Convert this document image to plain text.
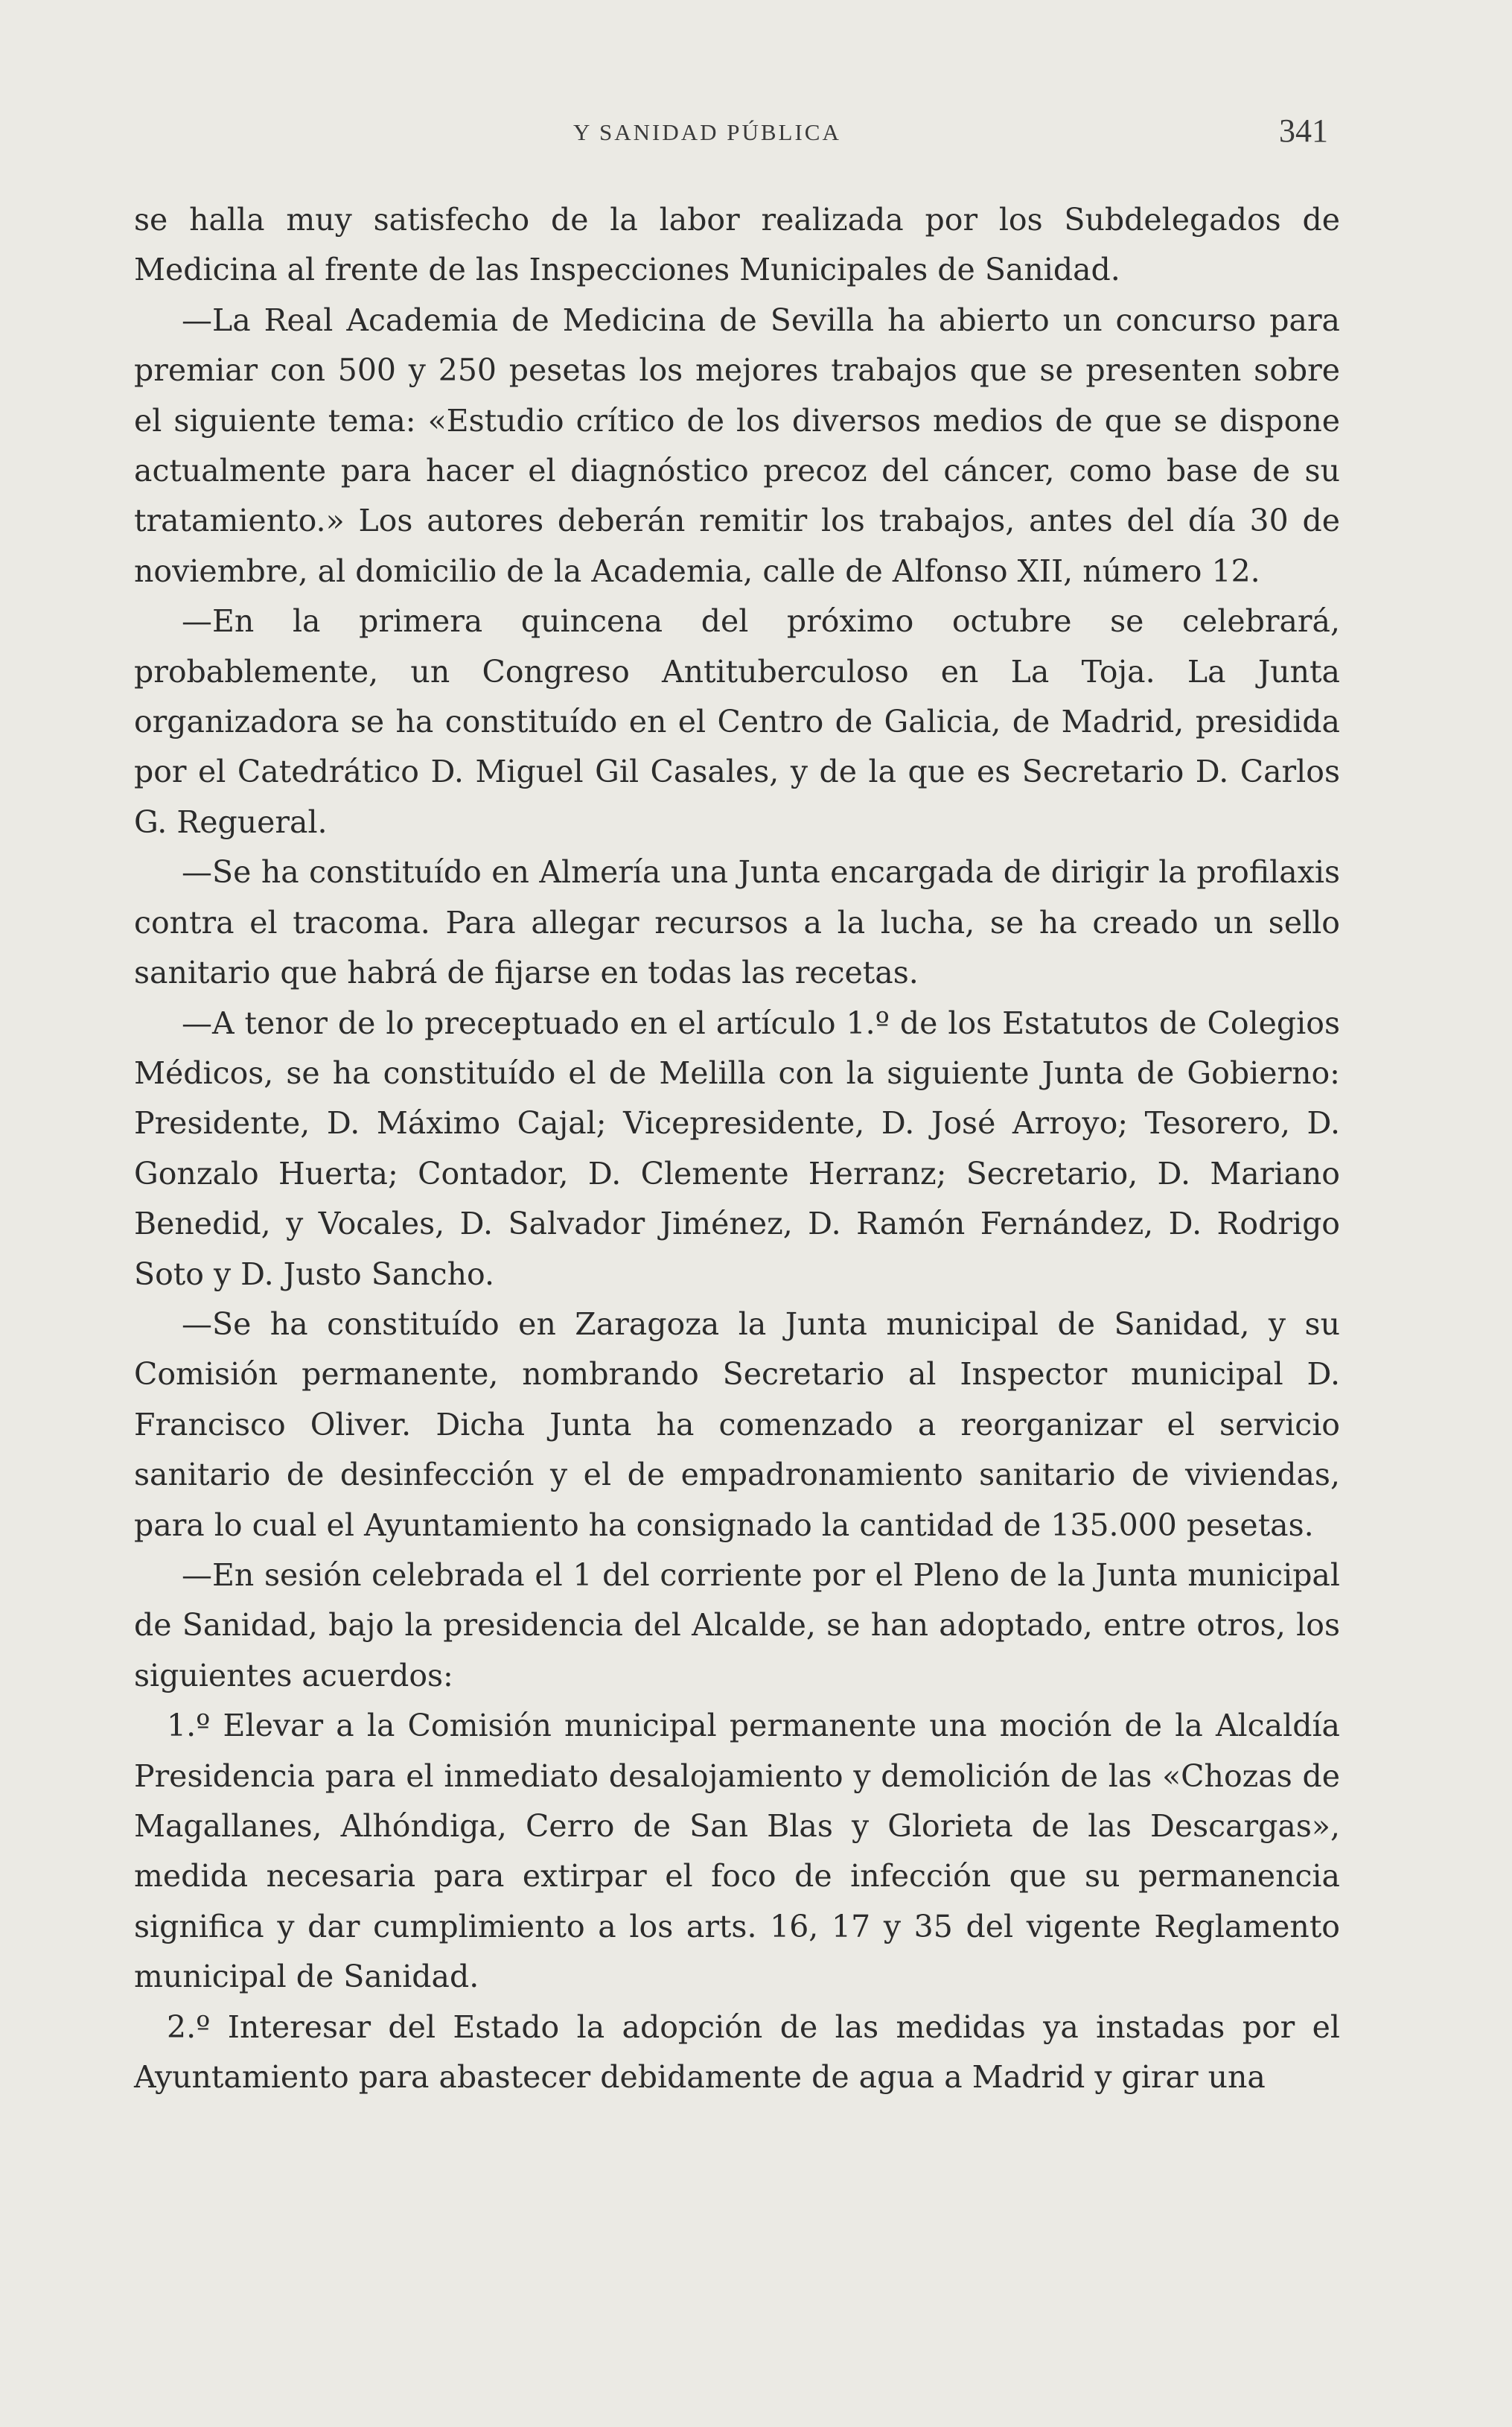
Y SANIDAD PÚBLICA	341

se halla muy satisfecho de la labor realizada por los Subdelegados de Medicina al frente de las Inspecciones Municipales de Sanidad.

—La Real Academia de Medicina de Sevilla ha abierto un concurso para premiar con 500 y 250 pesetas los mejores trabajos que se presenten sobre el siguiente tema: «Estudio crítico de los diversos medios de que se dispone actualmente para hacer el diagnóstico precoz del cáncer, como base de su tratamiento.» Los autores deberán remitir los trabajos, antes del día 30 de noviembre, al domicilio de la Academia, calle de Alfonso XII, número 12.

—En la primera quincena del próximo octubre se celebrará, probablemente, un Congreso Antituberculoso en La Toja. La Junta organizadora se ha constituído en el Centro de Galicia, de Madrid, presidida por el Catedrático D. Miguel Gil Casales, y de la que es Secretario D. Carlos G. Regueral.

—Se ha constituído en Almería una Junta encargada de dirigir la profilaxis contra el tracoma. Para allegar recursos a la lucha, se ha creado un sello sanitario que habrá de fijarse en todas las recetas.

—A tenor de lo preceptuado en el artículo 1.º de los Estatutos de Colegios Médicos, se ha constituído el de Melilla con la siguiente Junta de Gobierno: Presidente, D. Máximo Cajal; Vicepresidente, D. José Arroyo; Tesorero, D. Gonzalo Huerta; Contador, D. Clemente Herranz; Secretario, D. Mariano Benedid, y Vocales, D. Salvador Jiménez, D. Ramón Fernández, D. Rodrigo Soto y D. Justo Sancho.

—Se ha constituído en Zaragoza la Junta municipal de Sanidad, y su Comisión permanente, nombrando Secretario al Inspector municipal D. Francisco Oliver. Dicha Junta ha comenzado a reorganizar el servicio sanitario de desinfección y el de empadronamiento sanitario de viviendas, para lo cual el Ayuntamiento ha consignado la cantidad de 135.000 pesetas.

—En sesión celebrada el 1 del corriente por el Pleno de la Junta municipal de Sanidad, bajo la presidencia del Alcalde, se han adoptado, entre otros, los siguientes acuerdos:

1.º Elevar a la Comisión municipal permanente una moción de la Alcaldía Presidencia para el inmediato desalojamiento y demolición de las «Chozas de Magallanes, Alhóndiga, Cerro de San Blas y Glorieta de las Descargas», medida necesaria para extirpar el foco de infección que su permanencia significa y dar cumplimiento a los arts. 16, 17 y 35 del vigente Reglamento municipal de Sanidad.

2.º Interesar del Estado la adopción de las medidas ya instadas por el Ayuntamiento para abastecer debidamente de agua a Madrid y girar una
